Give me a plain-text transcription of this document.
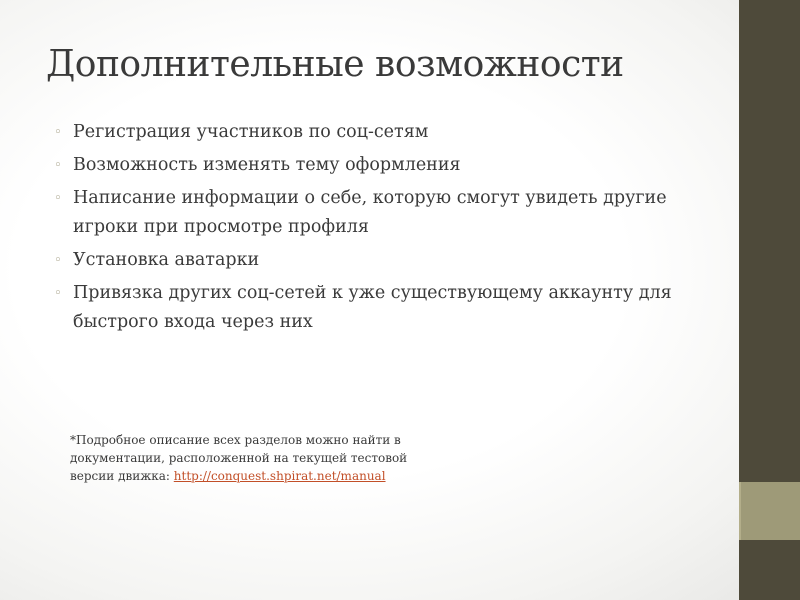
Дополнительные возможности
◦ Регистрация участников по соц-сетям
◦ Возможность изменять тему оформления
◦ Написание информации о себе, которую смогут увидеть другие игроки при просмотре профиля
◦ Установка аватарки
◦ Привязка других соц-сетей к уже существующему аккаунту для быстрого входа через них
*Подробное описание всех разделов можно найти в
документации, расположенной на текущей тестовой
версии движка: http://conquest.shpirat.net/manual
